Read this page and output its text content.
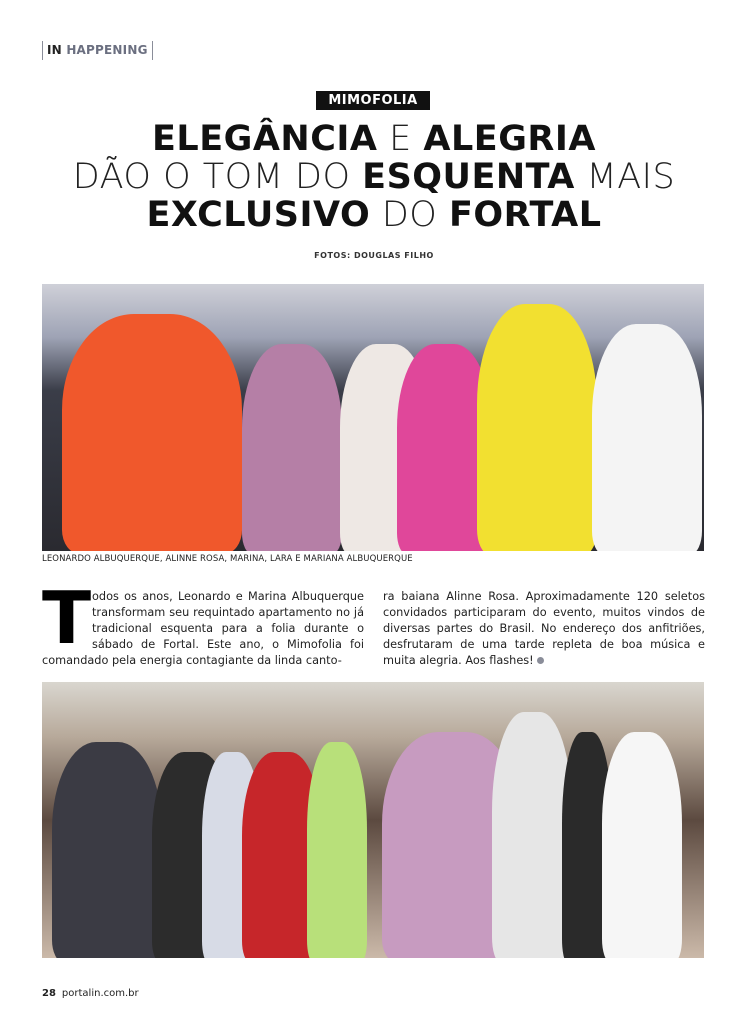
IN HAPPENING
MIMOFOLIA
ELEGÂNCIA E ALEGRIA
DÃO O TOM DO ESQUENTA MAIS
EXCLUSIVO DO FORTAL
FOTOS: DOUGLAS FILHO
LEONARDO ALBUQUERQUE, ALINNE ROSA, MARINA, LARA E MARIANA ALBUQUERQUE
T odos os anos, Leonardo e Marina Albuquerque transformam seu requintado apartamento no já tradicional esquenta para a folia durante o sábado de Fortal. Este ano, o Mimofolia foi comandado pela energia contagiante da linda canto-
ra baiana Alinne Rosa. Aproximadamente 120 seletos convidados participaram do evento, muitos vindos de diversas partes do Brasil. No endereço dos anfitriões, desfrutaram de uma tarde repleta de boa música e muita alegria. Aos flashes!
28 portalin.com.br
